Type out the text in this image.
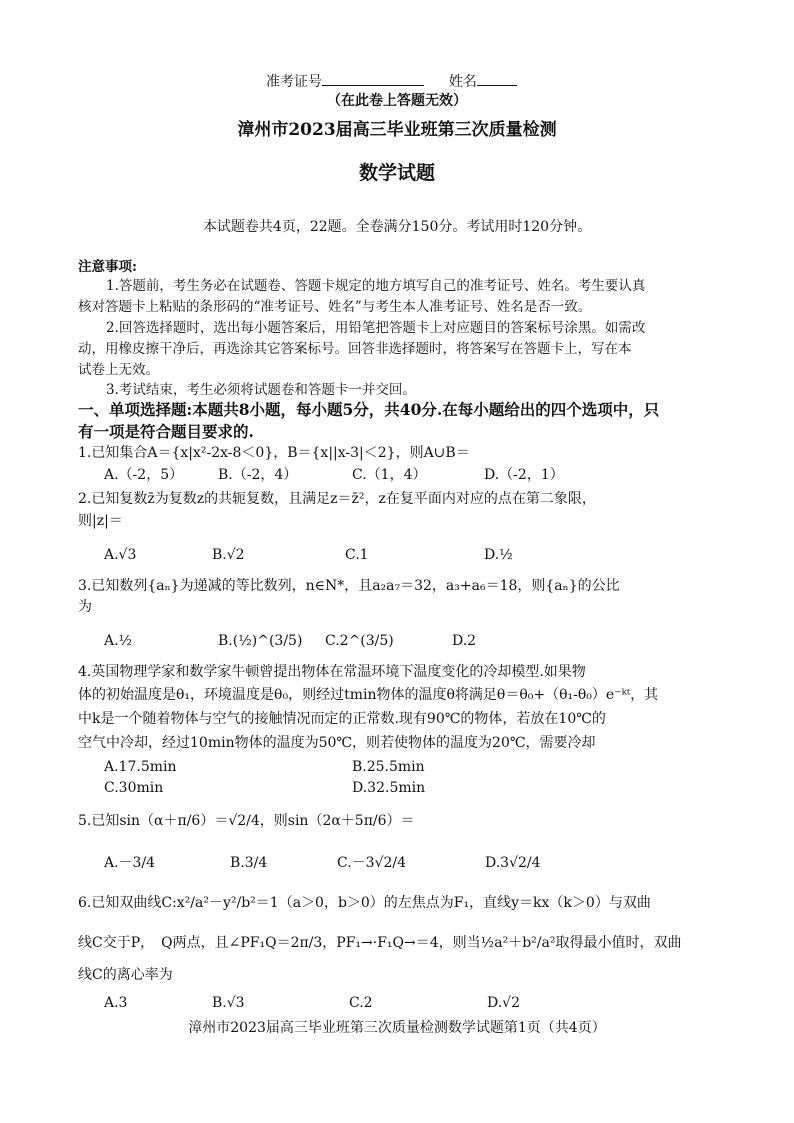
准考证号	姓名
（在此卷上答题无效）
漳州市2023届高三毕业班第三次质量检测
数学试题
本试题卷共4页，22题。全卷满分150分。考试用时120分钟。
注意事项:
1.答题前，考生务必在试题卷、答题卡规定的地方填写自己的准考证号、姓名。考生要认真
核对答题卡上粘贴的条形码的“准考证号、姓名”与考生本人准考证号、姓名是否一致。
2.回答选择题时，选出每小题答案后，用铅笔把答题卡上对应题目的答案标号涂黑。如需改
动，用橡皮擦干净后，再选涂其它答案标号。回答非选择题时，将答案写在答题卡上，写在本
试卷上无效。
3.考试结束，考生必须将试题卷和答题卡一并交回。
一、单项选择题:本题共8小题，每小题5分，共40分.在每小题给出的四个选项中，只
有一项是符合题目要求的.
1.已知集合A＝{x|x²-2x-8＜0}，B＝{x||x-3|＜2}，则A∪B＝
A.（-2，5） B.（-2，4）	C.（1，4）	D.（-2，1）
2.已知复数z̄为复数z的共轭复数，且满足z＝z̄²，z在复平面内对应的点在第二象限，
则|z|＝
A.√3	B.√2	C.1	D.½
3.已知数列{aₙ}为递减的等比数列，n∈N*，且a₂a₇＝32，a₃+a₆＝18，则{aₙ}的公比
为
A.½	B.(½)^(3/5) C.2^(3/5)	D.2
4.英国物理学家和数学家牛顿曾提出物体在常温环境下温度变化的冷却模型.如果物
体的初始温度是θ₁，环境温度是θ₀，则经过tmin物体的温度θ将满足θ＝θ₀+（θ₁-θ₀）e⁻ᵏᵗ，其
中k是一个随着物体与空气的接触情况而定的正常数.现有90℃的物体，若放在10℃的
空气中冷却，经过10min物体的温度为50℃，则若使物体的温度为20℃，需要冷却
A.17.5min	B.25.5min
C.30min	D.32.5min
5.已知sin（α＋π/6）＝√2/4，则sin（2α＋5π/6）＝
A.－3/4	B.3/4	C.－3√2/4	D.3√2/4
6.已知双曲线C:x²/a²－y²/b²＝1（a＞0，b＞0）的左焦点为F₁，直线y＝kx（k＞0）与双曲
线C交于P，　Q两点，且∠PF₁Q＝2π/3，PF₁→·F₁Q→＝4，则当½a²＋b²/a²取得最小值时，双曲
线C的离心率为
A.3	B.√3	C.2	D.√2
漳州市2023届高三毕业班第三次质量检测数学试题第1页（共4页）
